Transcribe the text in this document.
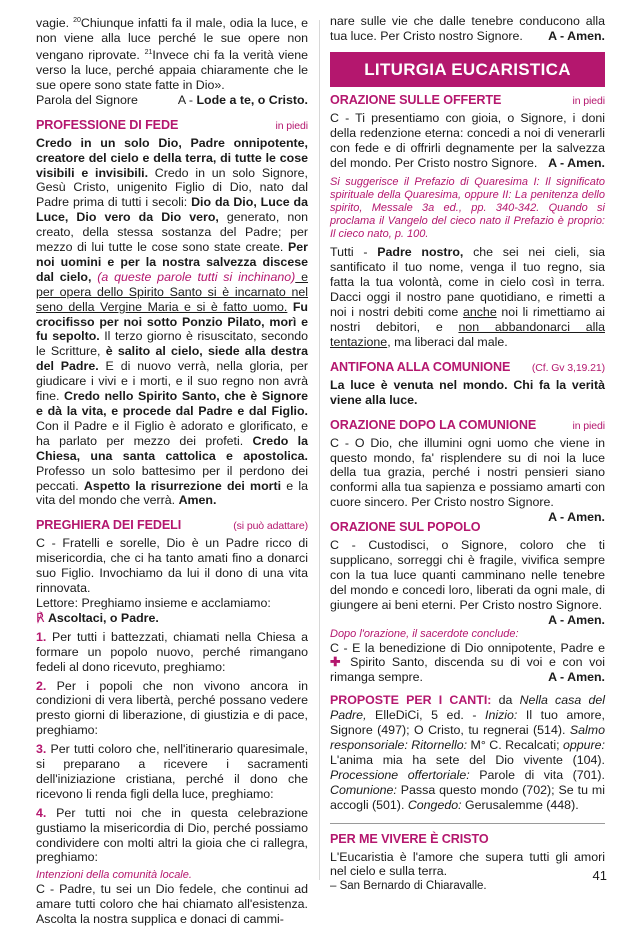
vagie. $^{20}$Chiunque infatti fa il male, odia la luce, e non viene alla luce perché le sue opere non vengano riprovate. $^{21}$Invece chi fa la verità viene verso la luce, perché appaia chiaramente che le sue opere sono state fatte in Dio».

Parola del Signore	A - Lode a te, o Cristo.

PROFESSIONE DI FEDE	in piedi

Credo in un solo Dio, Padre onnipotente, creatore del cielo e della terra, di tutte le cose visibili e invisibili. Credo in un solo Signore, Gesù Cristo, unigenito Figlio di Dio, nato dal Padre prima di tutti i secoli: Dio da Dio, Luce da Luce, Dio vero da Dio vero, generato, non creato, della stessa sostanza del Padre; per mezzo di lui tutte le cose sono state create. Per noi uomini e per la nostra salvezza discese dal cielo, (a queste parole tutti si inchinano) e per opera dello Spirito Santo si è incarnato nel seno della Vergine Maria e si è fatto uomo. Fu crocifisso per noi sotto Ponzio Pilato, morì e fu sepolto. Il terzo giorno è risuscitato, secondo le Scritture, è salito al cielo, siede alla destra del Padre. E di nuovo verrà, nella gloria, per giudicare i vivi e i morti, e il suo regno non avrà fine. Credo nello Spirito Santo, che è Signore e dà la vita, e procede dal Padre e dal Figlio. Con il Padre e il Figlio è adorato e glorificato, e ha parlato per mezzo dei profeti. Credo la Chiesa, una santa cattolica e apostolica. Professo un solo battesimo per il perdono dei peccati. Aspetto la risurrezione dei morti e la vita del mondo che verrà. Amen.

PREGHIERA DEI FEDELI	(si può adattare)

C - Fratelli e sorelle, Dio è un Padre ricco di misericordia, che ci ha tanto amati fino a donarci suo Figlio. Invochiamo da lui il dono di una vita rinnovata.

Lettore: Preghiamo insieme e acclamiamo:

℟ Ascoltaci, o Padre.

1. Per tutti i battezzati, chiamati nella Chiesa a formare un popolo nuovo, perché rimangano fedeli al dono ricevuto, preghiamo:

2. Per i popoli che non vivono ancora in condizioni di vera libertà, perché possano vedere presto giorni di liberazione, di giustizia e di pace, preghiamo:

3. Per tutti coloro che, nell'itinerario quaresimale, si preparano a ricevere i sacramenti dell'iniziazione cristiana, perché il dono che ricevono li renda figli della luce, preghiamo:

4. Per tutti noi che in questa celebrazione gustiamo la misericordia di Dio, perché possiamo condividere con molti altri la gioia che ci rallegra, preghiamo:

Intenzioni della comunità locale.

C - Padre, tu sei un Dio fedele, che continui ad amare tutti coloro che hai chiamato all'esistenza. Ascolta la nostra supplica e donaci di cammi-

nare sulle vie che dalle tenebre conducono alla tua luce. Per Cristo nostro Signore. A - Amen.

LITURGIA EUCARISTICA
ORAZIONE SULLE OFFERTE	in piedi

C - Ti presentiamo con gioia, o Signore, i doni della redenzione eterna: concedi a noi di venerarli con fede e di offrirli degnamente per la salvezza del mondo. Per Cristo nostro Signore. A - Amen.

Si suggerisce il Prefazio di Quaresima I: Il significato spirituale della Quaresima, oppure II: La penitenza dello spirito, Messale 3a ed., pp. 340-342. Quando si proclama il Vangelo del cieco nato il Prefazio è proprio: Il cieco nato, p. 100.

Tutti - Padre nostro, che sei nei cieli, sia santificato il tuo nome, venga il tuo regno, sia fatta la tua volontà, come in cielo così in terra. Dacci oggi il nostro pane quotidiano, e rimetti a noi i nostri debiti come anche noi li rimettiamo ai nostri debitori, e non abbandonarci alla tentazione, ma liberaci dal male.

ANTIFONA ALLA COMUNIONE (Cf. Gv 3,19.21)

La luce è venuta nel mondo. Chi fa la verità viene alla luce.

ORAZIONE DOPO LA COMUNIONE	in piedi

C - O Dio, che illumini ogni uomo che viene in questo mondo, fa' risplendere su di noi la luce della tua grazia, perché i nostri pensieri siano conformi alla tua sapienza e possiamo amarti con cuore sincero. Per Cristo nostro Signore.
A - Amen.

ORAZIONE SUL POPOLO

C - Custodisci, o Signore, coloro che ti supplicano, sorreggi chi è fragile, vivifica sempre con la tua luce quanti camminano nelle tenebre del mondo e concedi loro, liberati da ogni male, di giungere ai beni eterni. Per Cristo nostro Signore.
A - Amen.

Dopo l'orazione, il sacerdote conclude:

C - E la benedizione di Dio onnipotente, Padre e ✚ Spirito Santo, discenda su di voi e con voi rimanga sempre.	A - Amen.

PROPOSTE PER I CANTI: da Nella casa del Padre, ElleDiCi, 5 ed. - Inizio: Il tuo amore, Signore (497); O Cristo, tu regnerai (514). Salmo responsoriale: Ritornello: M° C. Recalcati; oppure: L'anima mia ha sete del Dio vivente (104). Processione offertoriale: Parole di vita (701). Comunione: Passa questo mondo (702); Se tu mi accogli (501). Congedo: Gerusalemme (448).

PER ME VIVERE È CRISTO

L'Eucaristia è l'amore che supera tutti gli amori nel cielo e sulla terra.

– San Bernardo di Chiaravalle.

41
